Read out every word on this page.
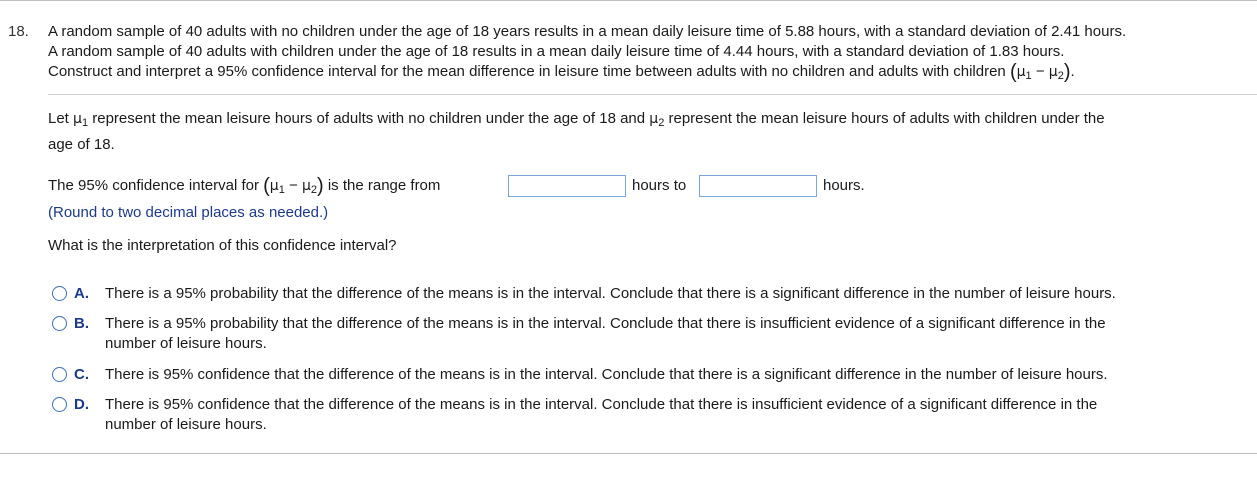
18. A random sample of 40 adults with no children under the age of 18 years results in a mean daily leisure time of 5.88 hours, with a standard deviation of 2.41 hours.
A random sample of 40 adults with children under the age of 18 results in a mean daily leisure time of 4.44 hours, with a standard deviation of 1.83 hours.
Construct and interpret a 95% confidence interval for the mean difference in leisure time between adults with no children and adults with children $(\mu_1 - \mu_2)$.
Let $\mu_1$ represent the mean leisure hours of adults with no children under the age of 18 and $\mu_2$ represent the mean leisure hours of adults with children under the
age of 18.
The 95% confidence interval for $(\mu_1 - \mu_2)$ is the range from	hours to	hours.
(Round to two decimal places as needed.)
What is the interpretation of this confidence interval?
A. There is a 95% probability that the difference of the means is in the interval. Conclude that there is a significant difference in the number of leisure hours.
B. There is a 95% probability that the difference of the means is in the interval. Conclude that there is insufficient evidence of a significant difference in the
number of leisure hours.
C. There is 95% confidence that the difference of the means is in the interval. Conclude that there is a significant difference in the number of leisure hours.
D. There is 95% confidence that the difference of the means is in the interval. Conclude that there is insufficient evidence of a significant difference in the
number of leisure hours.
